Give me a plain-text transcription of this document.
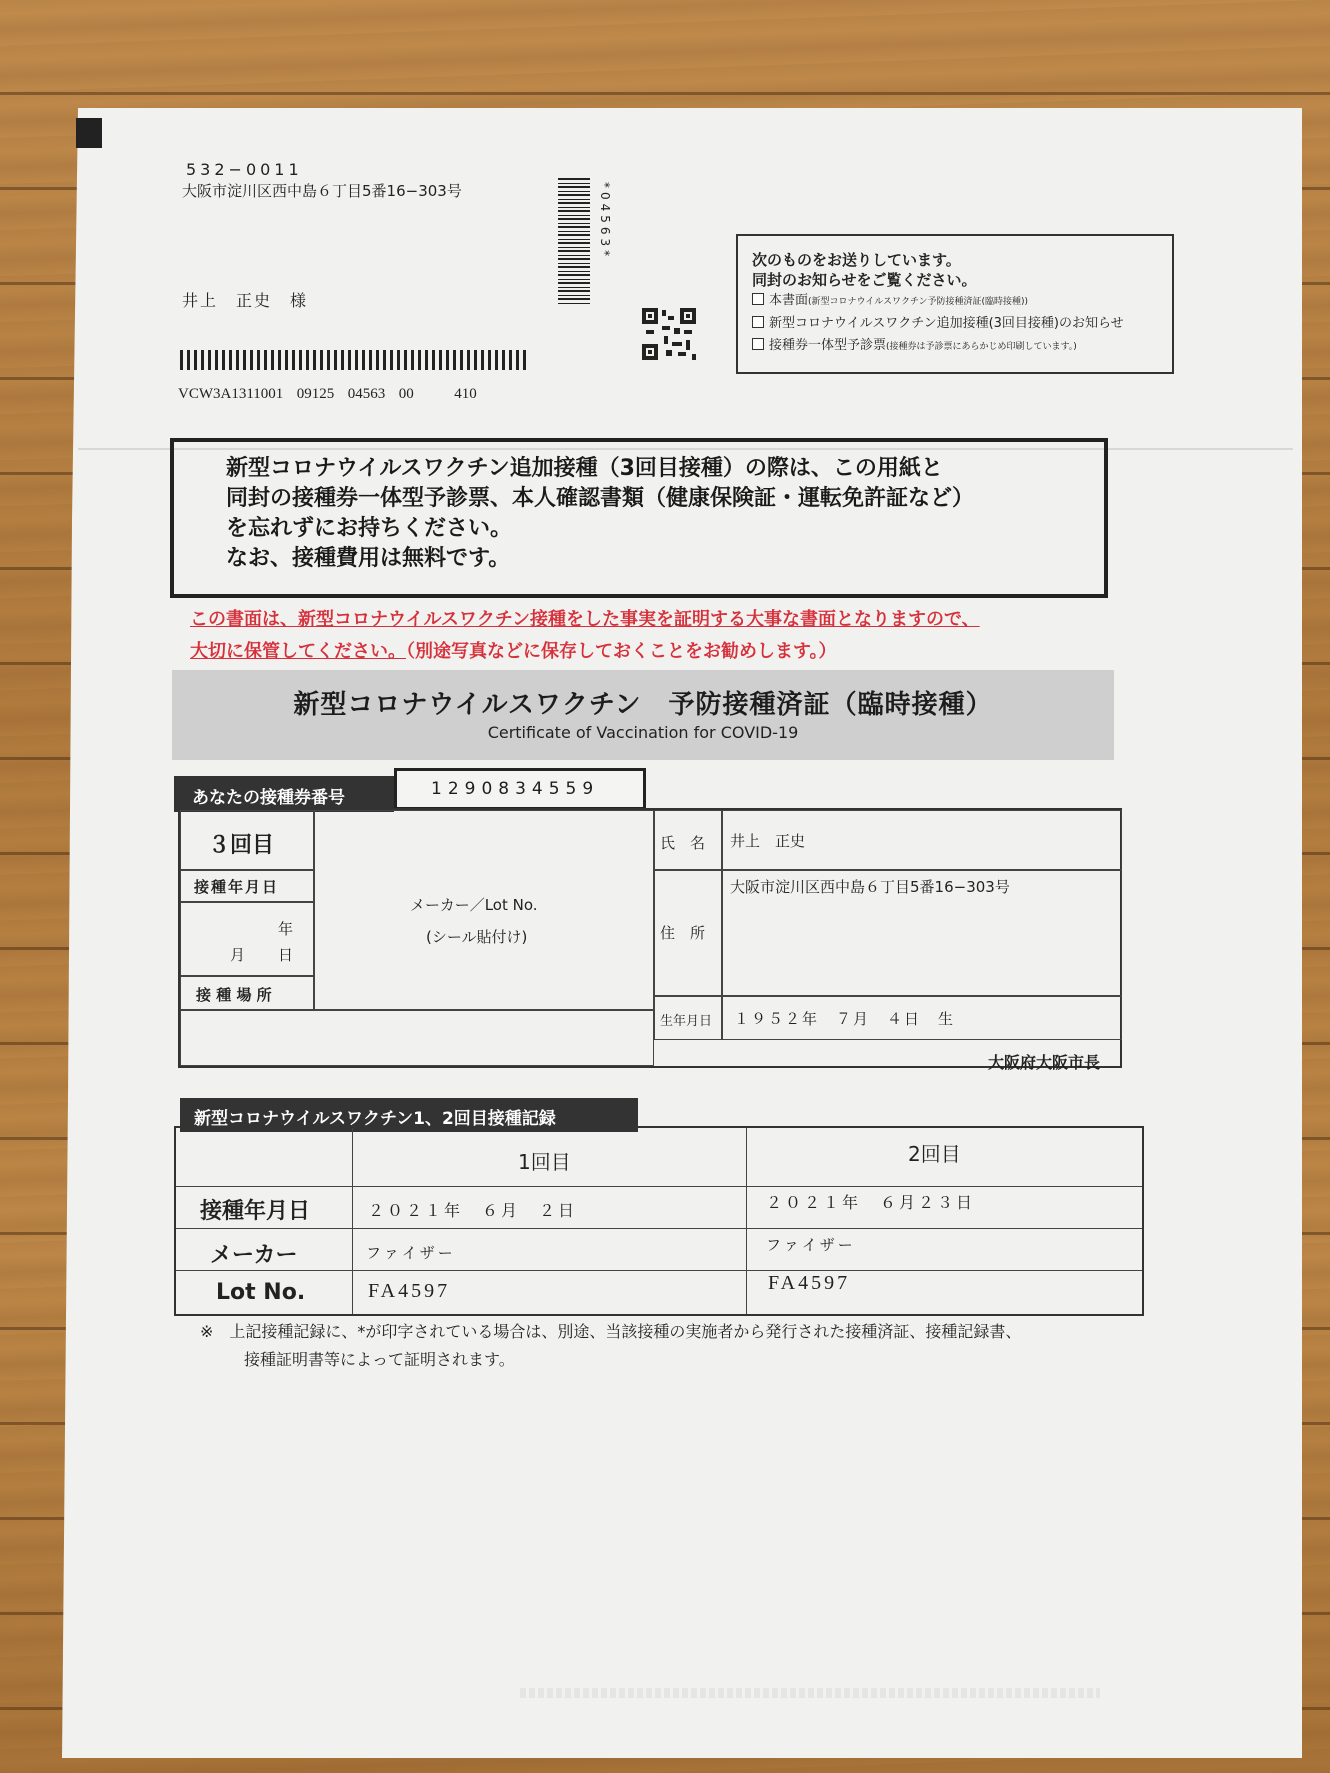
532−0011
大阪市淀川区西中島６丁目5番16−303号
井上　正史　様
VCW3A1311001  09125  04563  00      410
*04563*	次のものをお送りしています。
同封のお知らせをご覧ください。
本書面(新型コロナウイルスワクチン予防接種済証(臨時接種))
新型コロナウイルスワクチン追加接種(3回目接種)のお知らせ
接種券一体型予診票(接種券は予診票にあらかじめ印刷しています。)
新型コロナウイルスワクチン追加接種（3回目接種）の際は、この用紙と
同封の接種券一体型予診票、本人確認書類（健康保険証・運転免許証など）
を忘れずにお持ちください。
なお、接種費用は無料です。
この書面は、新型コロナウイルスワクチン接種をした事実を証明する大事な書面となりますので、
大切に保管してください。（別途写真などに保存しておくことをお勧めします。）
新型コロナウイルスワクチン　予防接種済証（臨時接種）
Certificate of Vaccination for COVID-19
あなたの接種券番号	1290834559
３回目
接種年月日
年
月 日
接 種 場 所
メーカー／Lot No.
(シール貼付け)
氏　名 井上　正史
住　所
大阪市淀川区西中島６丁目5番16−303号
生年月日 １９５２年　７月　４日　生
大阪府大阪市長
新型コロナウイルスワクチン1、2回目接種記録
1回目	2回目
接種年月日	２０２１年　６月　２日	２０２１年　６月２３日
メーカー	ファイザー	ファイザー
Lot No.	FA4597	FA4597
※　上記接種記録に、*が印字されている場合は、別途、当該接種の実施者から発行された接種済証、接種記録書、
接種証明書等によって証明されます。
